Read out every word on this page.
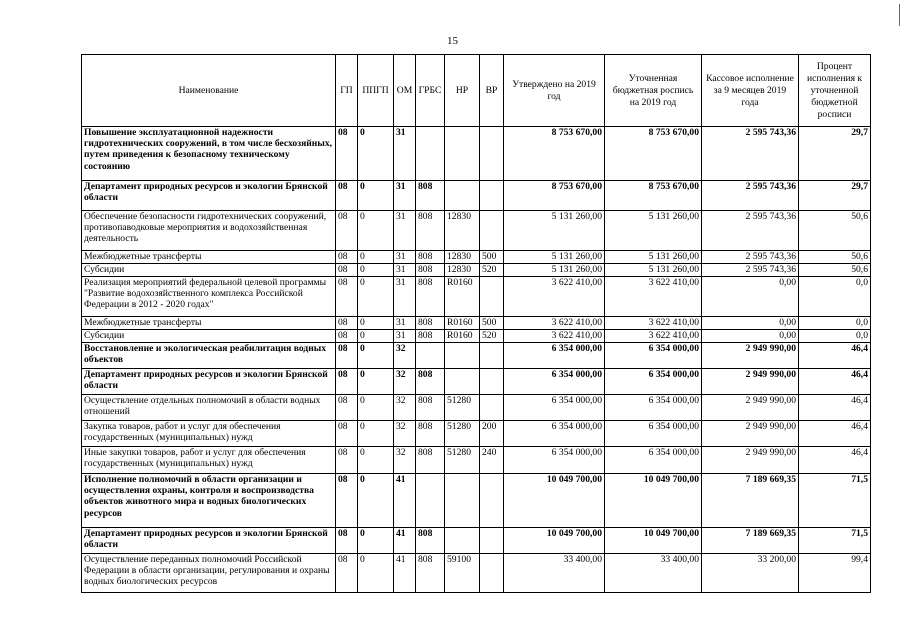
15
Наименование	ГП	ППГП	ОМ	ГРБС	НР	ВР	Утверждено на 2019 год	Уточненная бюджетная роспись на 2019 год	Кассовое исполнение за 9 месяцев 2019 года	Процент исполнения к уточненной бюджетной росписи
Повышение эксплуатационной надежности гидротехнических сооружений, в том числе бесхозяйных, путем приведения к безопасному техническому состоянию	08	0	31				8 753 670,00	8 753 670,00	2 595 743,36	29,7
Департамент природных ресурсов и экологии Брянской области	08	0	31	808			8 753 670,00	8 753 670,00	2 595 743,36	29,7
Обеспечение безопасности гидротехнических сооружений, противопаводковые мероприятия и водохозяйственная деятельность	08	0	31	808	12830		5 131 260,00	5 131 260,00	2 595 743,36	50,6
Межбюджетные трансферты	08	0	31	808	12830	500	5 131 260,00	5 131 260,00	2 595 743,36	50,6
Субсидии	08	0	31	808	12830	520	5 131 260,00	5 131 260,00	2 595 743,36	50,6
Реализация мероприятий федеральной целевой программы "Развитие водохозяйственного комплекса Российской Федерации в 2012 - 2020 годах"	08	0	31	808	R0160		3 622 410,00	3 622 410,00	0,00	0,0
Межбюджетные трансферты	08	0	31	808	R0160	500	3 622 410,00	3 622 410,00	0,00	0,0
Субсидии	08	0	31	808	R0160	520	3 622 410,00	3 622 410,00	0,00	0,0
Восстановление и экологическая реабилитация водных объектов	08	0	32				6 354 000,00	6 354 000,00	2 949 990,00	46,4
Департамент природных ресурсов и экологии Брянской области	08	0	32	808			6 354 000,00	6 354 000,00	2 949 990,00	46,4
Осуществление отдельных полномочий в области водных отношений	08	0	32	808	51280		6 354 000,00	6 354 000,00	2 949 990,00	46,4
Закупка товаров, работ и услуг для обеспечения государственных (муниципальных) нужд	08	0	32	808	51280	200	6 354 000,00	6 354 000,00	2 949 990,00	46,4
Иные закупки товаров, работ и услуг для обеспечения государственных (муниципальных) нужд	08	0	32	808	51280	240	6 354 000,00	6 354 000,00	2 949 990,00	46,4
Исполнение полномочий в области организации и осуществления охраны, контроля и воспроизводства объектов животного мира и водных биологических ресурсов	08	0	41				10 049 700,00	10 049 700,00	7 189 669,35	71,5
Департамент природных ресурсов и экологии Брянской области	08	0	41	808			10 049 700,00	10 049 700,00	7 189 669,35	71,5
Осуществление переданных полномочий Российской Федерации в области организации, регулирования и охраны водных биологических ресурсов	08	0	41	808	59100		33 400,00	33 400,00	33 200,00	99,4
